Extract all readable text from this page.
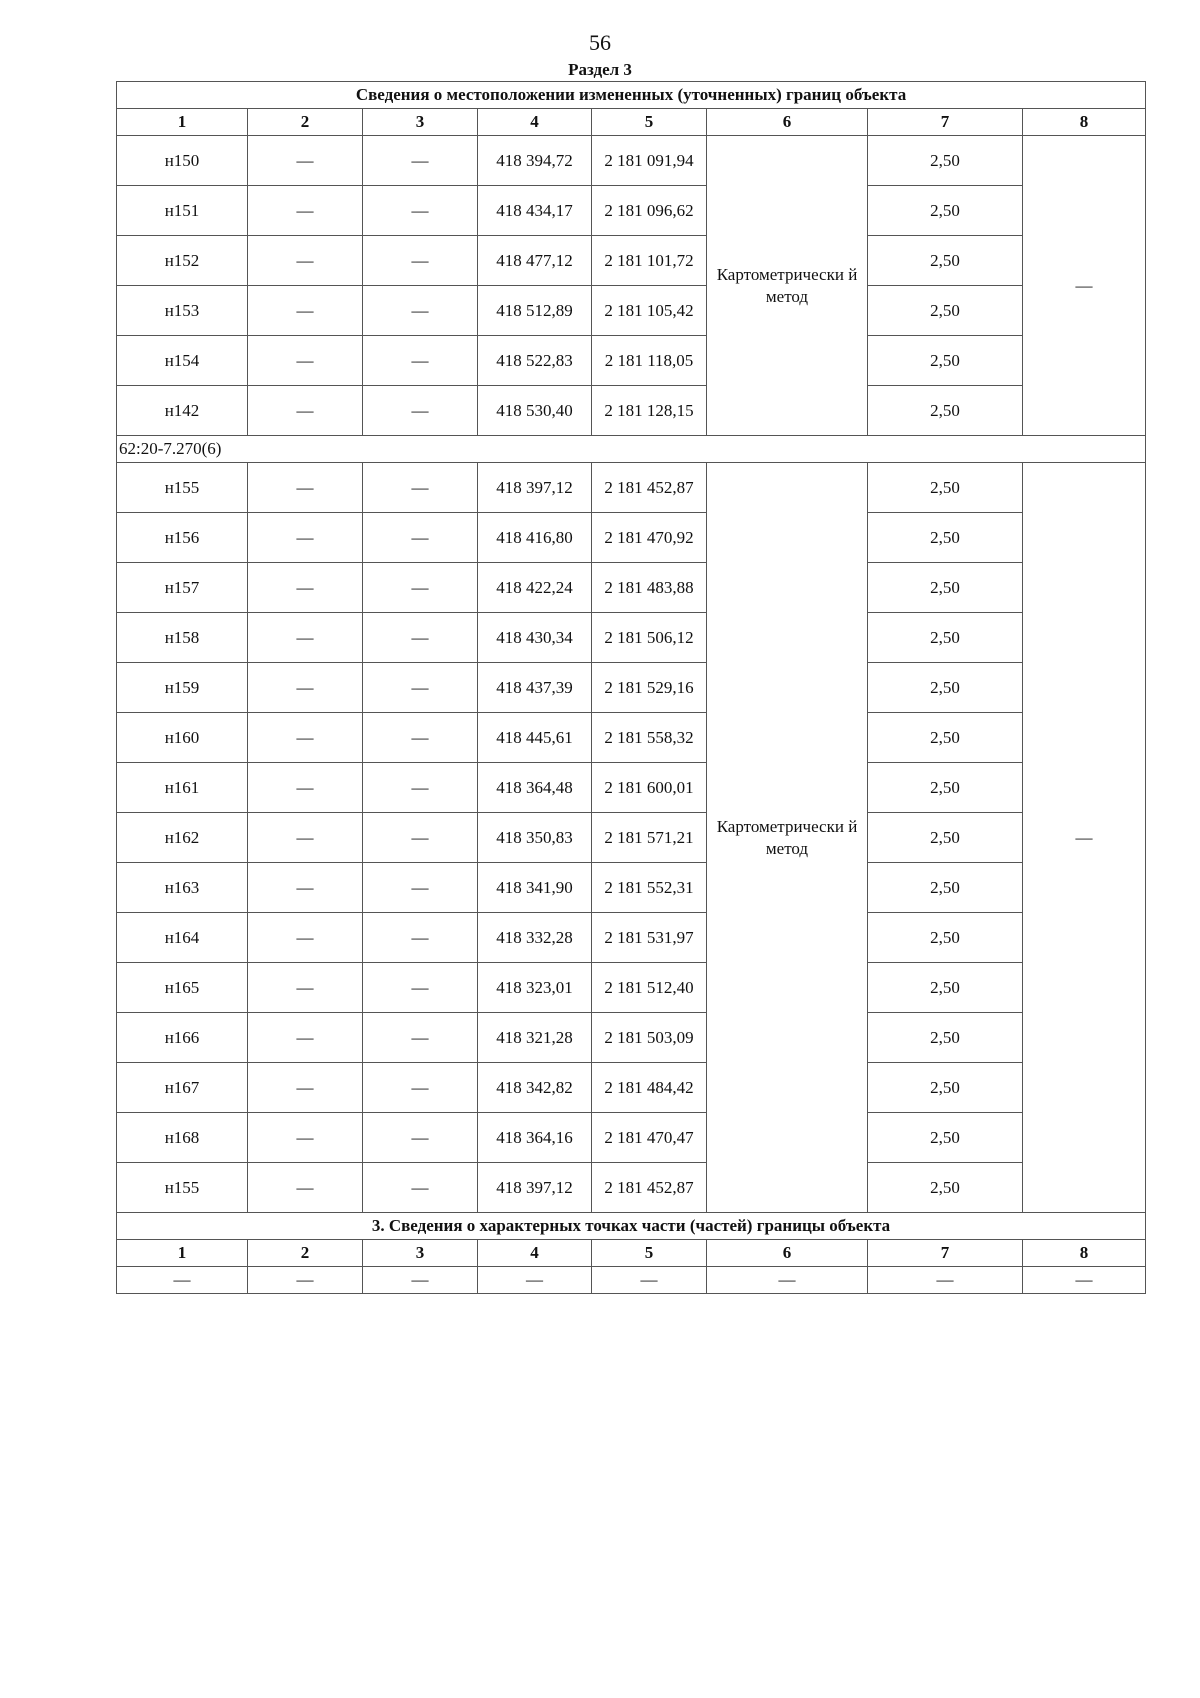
56
Раздел 3
Сведения о местоположении измененных (уточненных) границ объекта							
1	2	3	4	5	6	7	8
н150	—	—	418 394,72	2 181 091,94	Картометрически й метод	2,50	—
н151	—	—	418 434,17	2 181 096,62		2,50	
н152	—	—	418 477,12	2 181 101,72		2,50	
н153	—	—	418 512,89	2 181 105,42		2,50	
н154	—	—	418 522,83	2 181 118,05		2,50	
н142	—	—	418 530,40	2 181 128,15		2,50	
62:20-7.270(6)							
н155	—	—	418 397,12	2 181 452,87	Картометрически й метод	2,50	—
н156	—	—	418 416,80	2 181 470,92		2,50	
н157	—	—	418 422,24	2 181 483,88		2,50	
н158	—	—	418 430,34	2 181 506,12		2,50	
н159	—	—	418 437,39	2 181 529,16		2,50	
н160	—	—	418 445,61	2 181 558,32		2,50	
н161	—	—	418 364,48	2 181 600,01		2,50	
н162	—	—	418 350,83	2 181 571,21		2,50	
н163	—	—	418 341,90	2 181 552,31		2,50	
н164	—	—	418 332,28	2 181 531,97		2,50	
н165	—	—	418 323,01	2 181 512,40		2,50	
н166	—	—	418 321,28	2 181 503,09		2,50	
н167	—	—	418 342,82	2 181 484,42		2,50	
н168	—	—	418 364,16	2 181 470,47		2,50	
н155	—	—	418 397,12	2 181 452,87		2,50	
3. Сведения о характерных точках части (частей) границы объекта							
1	2	3	4	5	6	7	8
—	—	—	—	—	—	—	—
